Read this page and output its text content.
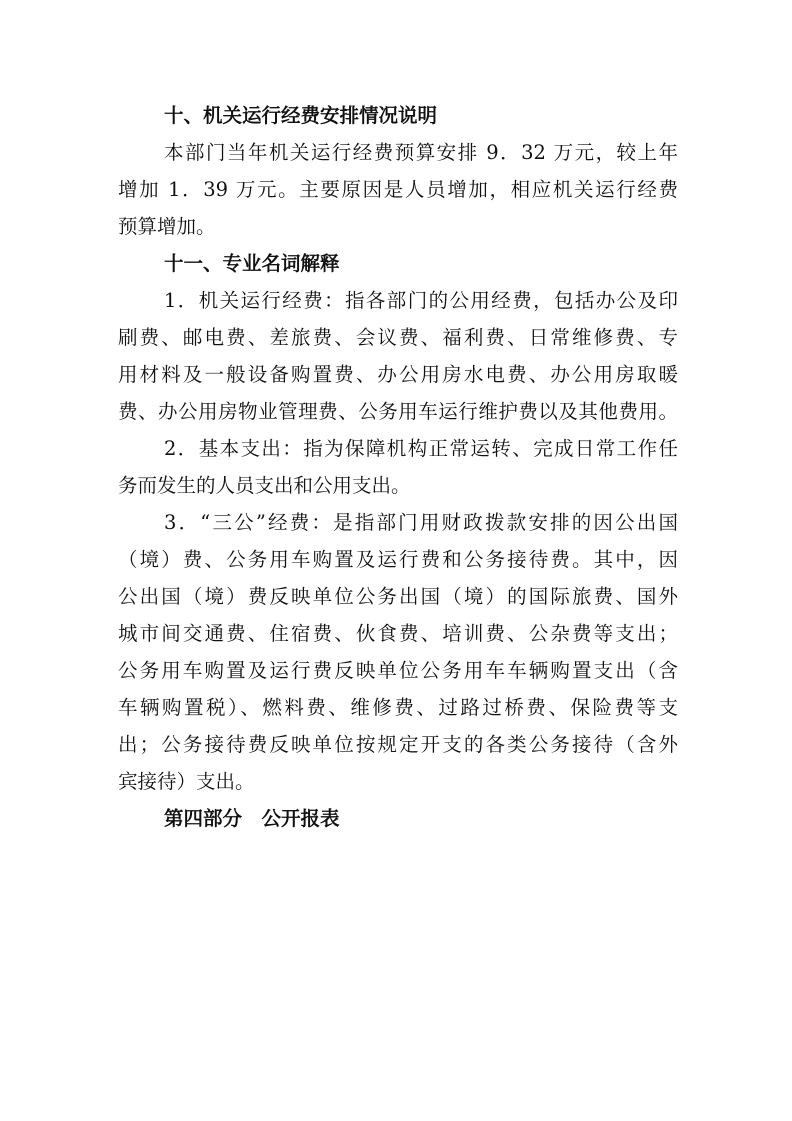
十、机关运行经费安排情况说明
本部门当年机关运行经费预算安排 9．32 万元，较上年
增加 1．39 万元。主要原因是人员增加，相应机关运行经费
预算增加。
十一、专业名词解释
1．机关运行经费：指各部门的公用经费，包括办公及印
刷费、邮电费、差旅费、会议费、福利费、日常维修费、专
用材料及一般设备购置费、办公用房水电费、办公用房取暖
费、办公用房物业管理费、公务用车运行维护费以及其他费用。
2．基本支出：指为保障机构正常运转、完成日常工作任
务而发生的人员支出和公用支出。
3．“三公”经费：是指部门用财政拨款安排的因公出国
（境）费、公务用车购置及运行费和公务接待费。其中，因
公出国（境）费反映单位公务出国（境）的国际旅费、国外
城市间交通费、住宿费、伙食费、培训费、公杂费等支出；
公务用车购置及运行费反映单位公务用车车辆购置支出（含
车辆购置税）、燃料费、维修费、过路过桥费、保险费等支
出；公务接待费反映单位按规定开支的各类公务接待（含外
宾接待）支出。
第四部分　公开报表
